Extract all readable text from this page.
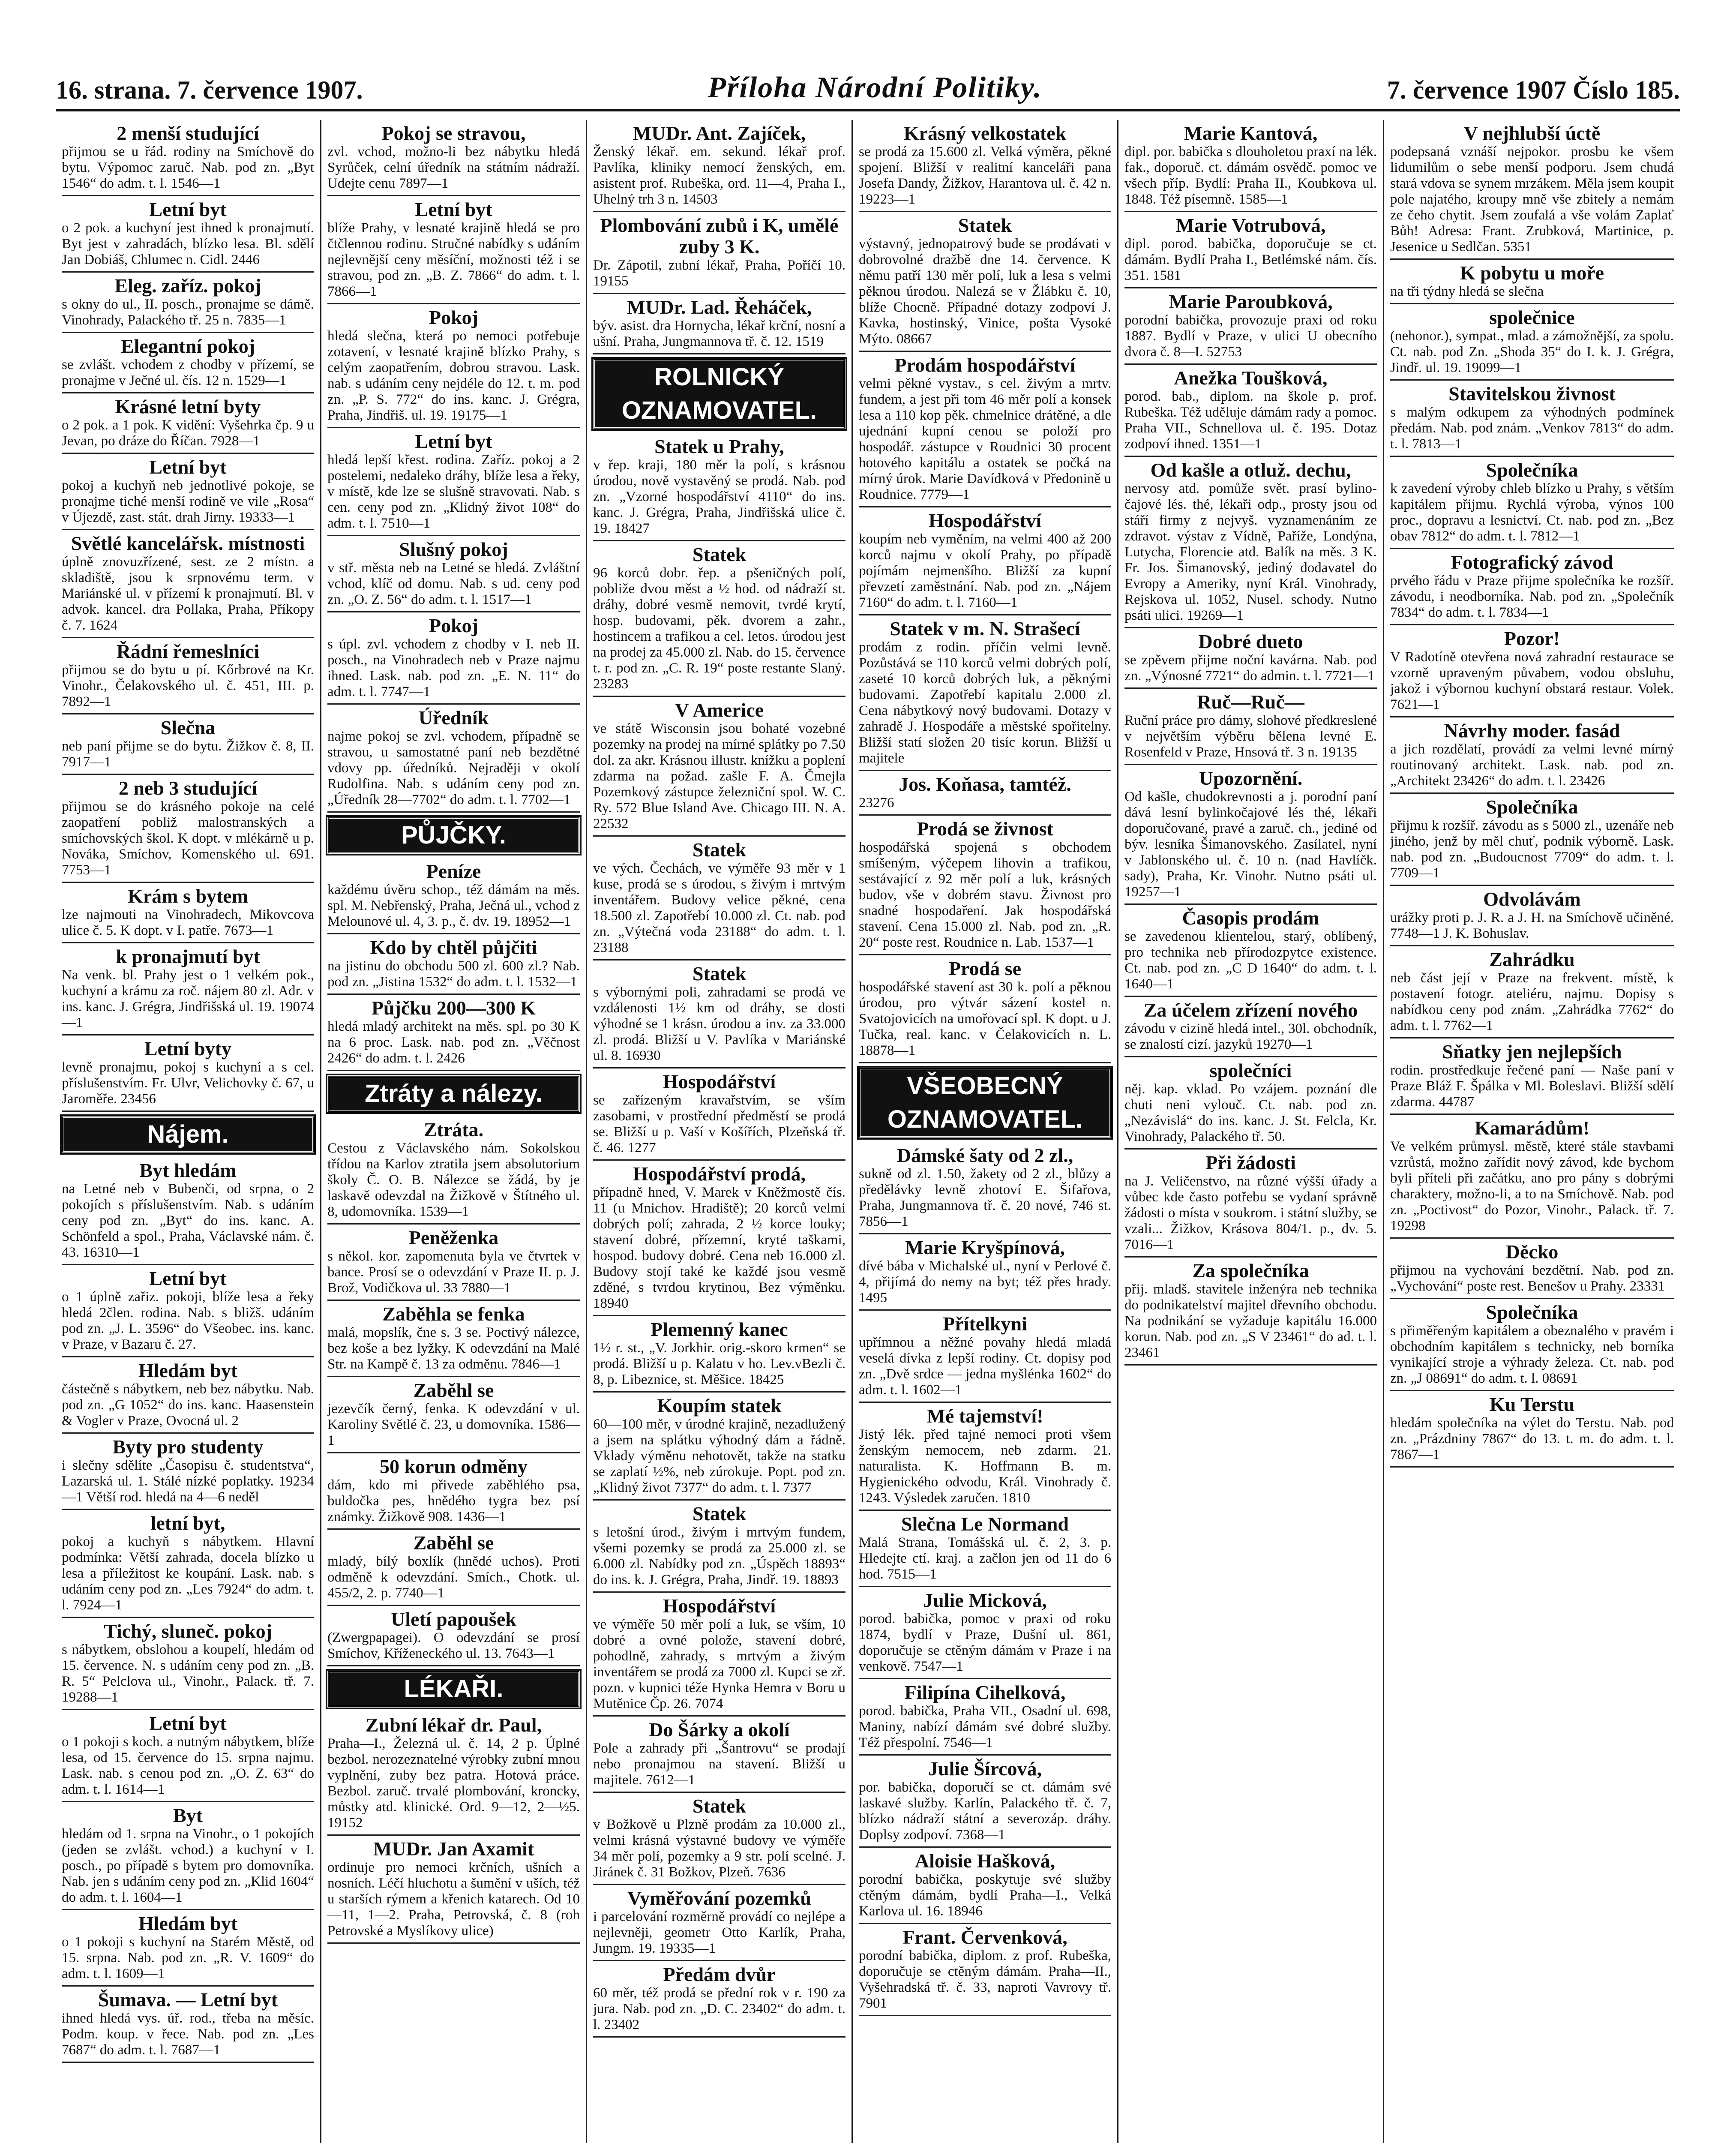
16. strana. 7. července 1907.	Příloha Národní Politiky.	7. července 1907 Číslo 185.
2 menší studující
přijmou se u řád. rodiny na Smíchově do bytu. Výpomoc zaruč. Nab. pod zn. „Byt 1546“ do adm. t. l. 1546—1
Letní byt
o 2 pok. a kuchyní jest ihned k pronajmutí. Byt jest v zahradách, blízko lesa. Bl. sdělí Jan Dobiáš, Chlumec n. Cidl. 2446
Eleg. zaříz. pokoj
s okny do ul., II. posch., pronajme se dámě. Vinohrady, Palackého tř. 25 n. 7835—1
Elegantní pokoj
se zvlášt. vchodem z chodby v přízemí, se pronajme v Ječné ul. čís. 12 n. 1529—1
Krásné letní byty
o 2 pok. a 1 pok. K vidění: Vyšehrka čp. 9 u Jevan, po dráze do Říčan. 7928—1
Letní byt
pokoj a kuchyň neb jednotlivé pokoje, se pronajme tiché menší rodině ve vile „Rosa“ v Újezdě, zast. stát. drah Jirny. 19333—1
Světlé kancelářsk. místnosti
úplně znovuzřízené, sest. ze 2 místn. a skladiště, jsou k srpnovému term. v Mariánské ul. v přízemí k pronajmutí. Bl. v advok. kancel. dra Pollaka, Praha, Příkopy č. 7. 1624
Řádní řemeslníci
přijmou se do bytu u pí. Kőrbrové na Kr. Vinohr., Čelakovského ul. č. 451, III. p. 7892—1
Slečna
neb paní přijme se do bytu. Žižkov č. 8, II. 7917—1
2 neb 3 studující
přijmou se do krásného pokoje na celé zaopatření pobliž malostranských a smíchovských škol. K dopt. v mlékárně u p. Nováka, Smíchov, Komenského ul. 691. 7753—1
Krám s bytem
lze najmouti na Vinohradech, Mikovcova ulice č. 5. K dopt. v I. patře. 7673—1
k pronajmutí byt
Na venk. bl. Prahy jest o 1 velkém pok., kuchyní a krámu za roč. nájem 80 zl. Adr. v ins. kanc. J. Grégra, Jindřišská ul. 19. 19074—1
Letní byty
levně pronajmu, pokoj s kuchyní a s cel. příslušenstvím. Fr. Ulvr, Velichovky č. 67, u Jaroměře. 23456
Nájem.
Byt hledám
na Letné neb v Bubenči, od srpna, o 2 pokojích s příslušenstvím. Nab. s udáním ceny pod zn. „Byt“ do ins. kanc. A. Schönfeld a spol., Praha, Václavské nám. č. 43. 16310—1
Letní byt
o 1 úplně zařiz. pokoji, blíže lesa a řeky hledá 2člen. rodina. Nab. s bližš. udáním pod zn. „J. L. 3596“ do Všeobec. ins. kanc. v Praze, v Bazaru č. 27.
Hledám byt
částečně s nábytkem, neb bez nábytku. Nab. pod zn. „G 1052“ do ins. kanc. Haasenstein & Vogler v Praze, Ovocná ul. 2
Byty pro studenty
i slečny sdělíte „Časopisu č. studentstva“, Lazarská ul. 1. Stálé nízké poplatky. 19234—1 Větší rod. hledá na 4—6 neděl
letní byt,
pokoj a kuchyň s nábytkem. Hlavní podmínka: Větší zahrada, docela blízko u lesa a příležitost ke koupání. Lask. nab. s udáním ceny pod zn. „Les 7924“ do adm. t. l. 7924—1
Tichý, sluneč. pokoj
s nábytkem, obslohou a koupelí, hledám od 15. července. N. s udáním ceny pod zn. „B. R. 5“ Pelclova ul., Vinohr., Palack. tř. 7. 19288—1
Letní byt
o 1 pokoji s koch. a nutným nábytkem, blíže lesa, od 15. července do 15. srpna najmu. Lask. nab. s cenou pod zn. „O. Z. 63“ do adm. t. l. 1614—1
Byt
hledám od 1. srpna na Vinohr., o 1 pokojích (jeden se zvlášt. vchod.) a kuchyní v I. posch., po případě s bytem pro domovníka. Nab. jen s udáním ceny pod zn. „Klid 1604“ do adm. t. l. 1604—1
Hledám byt
o 1 pokoji s kuchyní na Starém Městě, od 15. srpna. Nab. pod zn. „R. V. 1609“ do adm. t. l. 1609—1
Šumava. — Letní byt
ihned hledá vys. úř. rod., třeba na měsíc. Podm. koup. v řece. Nab. pod zn. „Les 7687“ do adm. t. l. 7687—1
Pokoj se stravou,
zvl. vchod, možno-li bez nábytku hledá Syrůček, celní úředník na státním nádraží. Udejte cenu 7897—1
Letní byt
blíže Prahy, v lesnaté krajině hledá se pro čtčlennou rodinu. Stručné nabídky s udáním nejlevnější ceny měsíční, možnosti též i se stravou, pod zn. „B. Z. 7866“ do adm. t. l. 7866—1
Pokoj
hledá slečna, která po nemoci potřebuje zotavení, v lesnaté krajině blízko Prahy, s celým zaopatřením, dobrou stravou. Lask. nab. s udáním ceny nejdéle do 12. t. m. pod zn. „P. S. 772“ do ins. kanc. J. Grégra, Praha, Jindřiš. ul. 19. 19175—1
Letní byt
hledá lepší křest. rodina. Zaříz. pokoj a 2 postelemi, nedaleko dráhy, blíže lesa a řeky, v místě, kde lze se slušně stravovati. Nab. s cen. ceny pod zn. „Klidný život 108“ do adm. t. l. 7510—1
Slušný pokoj
v stř. města neb na Letné se hledá. Zvláštní vchod, klíč od domu. Nab. s ud. ceny pod zn. „O. Z. 56“ do adm. t. l. 1517—1
Pokoj
s úpl. zvl. vchodem z chodby v I. neb II. posch., na Vinohradech neb v Praze najmu ihned. Lask. nab. pod zn. „E. N. 11“ do adm. t. l. 7747—1
Úředník
najme pokoj se zvl. vchodem, případně se stravou, u samostatné paní neb bezdětné vdovy pp. úředníků. Nejraději v okolí Rudolfina. Nab. s udáním ceny pod zn. „Úředník 28—7702“ do adm. t. l. 7702—1
PŮJČKY.
Peníze
každému úvěru schop., též dámám na měs. spl. M. Nebřenský, Praha, Ječná ul., vchod z Melounové ul. 4, 3. p., č. dv. 19. 18952—1
Kdo by chtěl půjčiti
na jistinu do obchodu 500 zl. 600 zl.? Nab. pod zn. „Jistina 1532“ do adm. t. l. 1532—1
Půjčku 200—300 K
hledá mladý architekt na měs. spl. po 30 K na 6 proc. Lask. nab. pod zn. „Věčnost 2426“ do adm. t. l. 2426
Ztráty a nálezy.
Ztráta.
Cestou z Václavského nám. Sokolskou třídou na Karlov ztratila jsem absolutorium školy Č. O. B. Nálezce se žádá, by je laskavě odevzdal na Žižkově v Štítného ul. 8, udomovníka. 1539—1
Peněženka
s někol. kor. zapomenuta byla ve čtvrtek v bance. Prosí se o odevzdání v Praze II. p. J. Brož, Vodičkova ul. 33 7880—1
Zaběhla se fenka
malá, mopslík, čne s. 3 se. Poctivý nálezce, bez koše a bez lyžky. K odevzdání na Malé Str. na Kampě č. 13 za odměnu. 7846—1
Zaběhl se
jezevčík černý, fenka. K odevzdání v ul. Karoliny Světlé č. 23, u domovníka. 1586—1
50 korun odměny
dám, kdo mi přivede zaběhlého psa, buldočka pes, hnědého tygra bez psí známky. Žižkově 908. 1436—1
Zaběhl se
mladý, bílý boxlík (hnědé uchos). Proti odměně k odevzdání. Smích., Chotk. ul. 455/2, 2. p. 7740—1
Uletí papoušek
(Zwergpapagei). O odevzdání se prosí Smíchov, Kříženeckého ul. 13. 7643—1
LÉKAŘI.
Zubní lékař dr. Paul,
Praha—I., Železná ul. č. 14, 2 p. Úplné bezbol. nerozeznatelné výrobky zubní mnou vyplnění, zuby bez patra. Hotová práce. Bezbol. zaruč. trvalé plombování, kroncky, můstky atd. klinické. Ord. 9—12, 2—½5. 19152
MUDr. Jan Axamit
ordinuje pro nemoci krčních, ušních a nosních. Léčí hluchotu a šumění v uších, též u starších rýmem a křenich katarech. Od 10—11, 1—2. Praha, Petrovská, č. 8 (roh Petrovské a Myslíkovy ulice)
MUDr. Ant. Zajíček,
Ženský lékař. em. sekund. lékař prof. Pavlíka, kliniky nemocí ženských, em. asistent prof. Rubeška, ord. 11—4, Praha I., Uhelný trh 3 n. 14503
Plombování zubů i K, umělé zuby 3 K.
Dr. Zápotil, zubní lékař, Praha, Poříčí 10. 19155
MUDr. Lad. Řeháček,
býv. asist. dra Hornycha, lékař krční, nosní a ušní. Praha, Jungmannova tř. č. 12. 1519
ROLNICKÝ OZNAMOVATEL.
Statek u Prahy,
v řep. kraji, 180 měr la polí, s krásnou úrodou, nově vystavěný se prodá. Nab. pod zn. „Vzorné hospodářství 4110“ do ins. kanc. J. Grégra, Praha, Jindřišská ulice č. 19. 18427
Statek
96 korců dobr. řep. a pšeničných polí, pobliže dvou měst a ½ hod. od nádraží st. dráhy, dobré vesmě nemovit, tvrdé krytí, hosp. budovami, pěk. dvorem a zahr., hostincem a trafikou a cel. letos. úrodou jest na prodej za 45.000 zl. Nab. do 15. července t. r. pod zn. „C. R. 19“ poste restante Slaný. 23283
V Americe
ve státě Wisconsin jsou bohaté vozebné pozemky na prodej na mírné splátky po 7.50 dol. za akr. Krásnou illustr. knížku a poplení zdarma na požad. zašle F. A. Čmejla Pozemkový zástupce železniční spol. W. C. Ry. 572 Blue Island Ave. Chicago III. N. A. 22532
Statek
ve vých. Čechách, ve výměře 93 měr v 1 kuse, prodá se s úrodou, s živým i mrtvým inventářem. Budovy velice pěkné, cena 18.500 zl. Zapotřebí 10.000 zl. Ct. nab. pod zn. „Výtečná voda 23188“ do adm. t. l. 23188
Statek
s výbornými poli, zahradami se prodá ve vzdálenosti 1½ km od dráhy, se dosti výhodné se 1 krásn. úrodou a inv. za 33.000 zl. prodá. Bližší u V. Pavlíka v Mariánské ul. 8. 16930
Hospodářství
se zařízeným kravařstvím, se vším zasobami, v prostřední předměstí se prodá se. Bližší u p. Vaší v Košířích, Plzeňská tř. č. 46. 1277
Hospodářství prodá,
případně hned, V. Marek v Kněžmostě čís. 11 (u Mnichov. Hradiště); 20 korců velmi dobrých polí; zahrada, 2 ½ korce louky; stavení dobré, přízemní, kryté taškami, hospod. budovy dobré. Cena neb 16.000 zl. Budovy stojí také ke každé jsou vesmě zděné, s tvrdou krytinou, Bez výměnku. 18940
Plemenný kanec
1½ r. st., „V. Jorkhir. orig.-skoro krmen“ se prodá. Bližší u p. Kalatu v ho. Lev.vBezli č. 8, p. Libeznice, st. Měšice. 18425
Koupím statek
60—100 měr, v úrodné krajině, nezadlužený a jsem na splátku výhodný dám a řádně. Vklady výměnu nehotovět, takže na statku se zaplatí ½%, neb zúrokuje. Popt. pod zn. „Klidný život 7377“ do adm. t. l. 7377
Statek
s letošní úrod., živým i mrtvým fundem, všemi pozemky se prodá za 25.000 zl. se 6.000 zl. Nabídky pod zn. „Úspěch 18893“ do ins. k. J. Grégra, Praha, Jindř. 19. 18893
Hospodářství
ve výměře 50 měr polí a luk, se vším, 10 dobré a ovné polože, stavení dobré, pohodlně, zahrady, s mrtvým a živým inventářem se prodá za 7000 zl. Kupci se zř. pozn. v kupnici téže Hynka Hemra v Boru u Mutěnice Čp. 26. 7074
Do Šárky a okolí
Pole a zahrady při „Šantrovu“ se prodají nebo pronajmou na stavení. Bližší u majitele. 7612—1
Statek
v Božkově u Plzně prodám za 10.000 zl., velmi krásná výstavné budovy ve výměře 34 měr polí, pozemky a 9 str. polí scelné. J. Jiránek č. 31 Božkov, Plzeň. 7636
Vyměřování pozemků
i parcelování rozměrně provádí co nejlépe a nejlevněji, geometr Otto Karlík, Praha, Jungm. 19. 19335—1
Předám dvůr
60 měr, též prodá se přední rok v r. 190 za jura. Nab. pod zn. „D. C. 23402“ do adm. t. l. 23402
Krásný velkostatek
se prodá za 15.600 zl. Velká výměra, pěkné spojení. Bližší v realitní kanceláři pana Josefa Dandy, Žižkov, Harantova ul. č. 42 n. 19223—1
Statek
výstavný, jednopatrový bude se prodávati v dobrovolné dražbě dne 14. července. K němu patří 130 měr polí, luk a lesa s velmi pěknou úrodou. Nalezá se v Žlábku č. 10, blíže Chocně. Případné dotazy zodpoví J. Kavka, hostinský, Vinice, pošta Vysoké Mýto. 08667
Prodám hospodářství
velmi pěkné vystav., s cel. živým a mrtv. fundem, a jest při tom 46 měr polí a konsek lesa a 110 kop pěk. chmelnice drátěné, a dle ujednání kupní cenou se položí pro hospodář. zástupce v Roudnici 30 procent hotového kapitálu a ostatek se počká na mírný úrok. Marie Davídková v Předonině u Roudnice. 7779—1
Hospodářství
koupím neb vyměním, na velmi 400 až 200 korců najmu v okolí Prahy, po případě pojímám nejmenšího. Bližší za kupní převzetí zaměstnání. Nab. pod zn. „Nájem 7160“ do adm. t. l. 7160—1
Statek v m. N. Strašecí
prodám z rodin. příčin velmi levně. Pozůstává se 110 korců velmi dobrých polí, zaseté 10 korců dobrých luk, a pěknými budovami. Zapotřebí kapitalu 2.000 zl. Cena nábytkový nový budovami. Dotazy v zahradě J. Hospodáře a městské spořitelny. Bližší statí složen 20 tisíc korun. Bližší u majitele
Jos. Koňasa, tamtéž.
23276
Prodá se živnost
hospodářská spojená s obchodem smíšeným, výčepem lihovin a trafikou, sestávající z 92 měr polí a luk, krásných budov, vše v dobrém stavu. Živnost pro snadné hospodaření. Jak hospodářská stavení. Cena 15.000 zl. Nab. pod zn. „R. 20“ poste rest. Roudnice n. Lab. 1537—1
Prodá se
hospodářské stavení ast 30 k. polí a pěknou úrodou, pro výtvár sázení kostel n. Svatojovicích na umořovací spl. K dopt. u J. Tučka, real. kanc. v Čelakovicích n. L. 18878—1
VŠEOBECNÝ OZNAMOVATEL.
Dámské šaty od 2 zl.,
sukně od zl. 1.50, žakety od 2 zl., blůzy a předělávky levně zhotoví E. Šifařova, Praha, Jungmannova tř. č. 20 nové, 746 st. 7856—1
Marie Kryšpínová,
dívé bába v Michalské ul., nyní v Perlové č. 4, přijímá do nemy na byt; též přes hrady. 1495
Přítelkyni
upřímnou a něžné povahy hledá mladá veselá dívka z lepší rodiny. Ct. dopisy pod zn. „Dvě srdce — jedna myšlénka 1602“ do adm. t. l. 1602—1
Mé tajemství!
Jistý lék. před tajné nemoci proti všem ženským nemocem, neb zdarm. 21. naturalista. K. Hoffmann B. m. Hygienického odvodu, Král. Vinohrady č. 1243. Výsledek zaručen. 1810
Slečna Le Normand
Malá Strana, Tomášská ul. č. 2, 3. p. Hledejte ctí. kraj. a začlon jen od 11 do 6 hod. 7515—1
Julie Micková,
porod. babička, pomoc v praxi od roku 1874, bydlí v Praze, Dušní ul. 861, doporučuje se ctěným dámám v Praze i na venkově. 7547—1
Filipína Cihelková,
porod. babička, Praha VII., Osadní ul. 698, Maniny, nabízí dámám své dobré služby. Též přespolní. 7546—1
Julie Šírcová,
por. babička, doporučí se ct. dámám své laskavé služby. Karlín, Palackého tř. č. 7, blízko nádraží státní a severozáp. dráhy. Doplsy zodpoví. 7368—1
Aloisie Hašková,
porodní babička, poskytuje své služby ctěným dámám, bydlí Praha—I., Velká Karlova ul. 16. 18946
Frant. Červenková,
porodní babička, diplom. z prof. Rubeška, doporučuje se ctěným dámám. Praha—II., Vyšehradská tř. č. 33, naproti Vavrovy tř. 7901
Marie Kantová,
dipl. por. babička s dlouholetou praxí na lék. fak., doporuč. ct. dámám osvědč. pomoc ve všech příp. Bydlí: Praha II., Koubkova ul. 1848. Též písemně. 1585—1
Marie Votrubová,
dipl. porod. babička, doporučuje se ct. dámám. Bydlí Praha I., Betlémské nám. čís. 351. 1581
Marie Paroubková,
porodní babička, provozuje praxi od roku 1887. Bydlí v Praze, v ulici U obecního dvora č. 8—I. 52753
Anežka Toušková,
porod. bab., diplom. na škole p. prof. Rubeška. Též uděluje dámám rady a pomoc. Praha VII., Schnellova ul. č. 195. Dotaz zodpoví ihned. 1351—1
Od kašle a otluž. dechu,
nervosy atd. pomůže svět. prasí bylino-čajové lés. thé, lékaři odp., prosty jsou od stáří firmy z nejvyš. vyznamenáním ze zdravot. výstav z Vídně, Paříže, Londýna, Lutycha, Florencie atd. Balík na měs. 3 K. Fr. Jos. Šimanovský, jediný dodavatel do Evropy a Ameriky, nyní Král. Vinohrady, Rejskova ul. 1052, Nusel. schody. Nutno psáti ulici. 19269—1
Dobré dueto
se zpěvem přijme noční kavárna. Nab. pod zn. „Výnosné 7721“ do admin. t. l. 7721—1
Ruč—Ruč—
Ruční práce pro dámy, slohové předkreslené v největším výběru bělena levné E. Rosenfeld v Praze, Hnsová tř. 3 n. 19135
Upozornění.
Od kašle, chudokrevnosti a j. porodní paní dává lesní bylinkočajové lés thé, lékaři doporučované, pravé a zaruč. ch., jediné od býv. lesníka Šimanovského. Zasílatel, nyní v Jablonského ul. č. 10 n. (nad Havlíčk. sady), Praha, Kr. Vinohr. Nutno psáti ul. 19257—1
Časopis prodám
se zavedenou klientelou, starý, oblíbený, pro technika neb přírodozpytce existence. Ct. nab. pod zn. „C D 1640“ do adm. t. l. 1640—1
Za účelem zřízení nového
závodu v cizině hledá intel., 30l. obchodník, se znalostí cizí. jazyků 19270—1
společníci
něj. kap. vklad. Po vzájem. poznání dle chuti neni vylouč. Ct. nab. pod zn. „Nezávislá“ do ins. kanc. J. St. Felcla, Kr. Vinohrady, Palackého tř. 50.
Při žádosti
na J. Veličenstvo, na různé výšší úřady a vůbec kde často potřebu se vydaní správně žádosti o místa v soukrom. i státní služby, se vzali... Žižkov, Krásova 804/1. p., dv. 5. 7016—1
Za společníka
přij. mladš. stavitele inženýra neb technika do podnikatelství majitel dřevního obchodu. Na podnikání se vyžaduje kapitálu 16.000 korun. Nab. pod zn. „S V 23461“ do ad. t. l. 23461
V nejhlubší úctě
podepsaná vznáší nejpokor. prosbu ke všem lidumilům o sebe menší podporu. Jsem chudá stará vdova se synem mrzákem. Měla jsem koupit pole najatého, kroupy mně vše zbitely a nemám ze čeho chytit. Jsem zoufalá a vše volám Zaplať Bůh! Adresa: Frant. Zrubková, Martinice, p. Jesenice u Sedlčan. 5351
K pobytu u moře
na tři týdny hledá se slečna
společnice
(nehonor.), sympat., mlad. a zámožnější, za spolu. Ct. nab. pod Zn. „Shoda 35“ do I. k. J. Grégra, Jindř. ul. 19. 19099—1
Stavitelskou živnost
s malým odkupem za výhodných podmínek předám. Nab. pod znám. „Venkov 7813“ do adm. t. l. 7813—1
Společníka
k zavedení výroby chleb blízko u Prahy, s větším kapitálem přijmu. Rychlá výroba, výnos 100 proc., dopravu a lesnictví. Ct. nab. pod zn. „Bez obav 7812“ do adm. t. l. 7812—1
Fotografický závod
prvého řádu v Praze přijme společníka ke rozšíř. závodu, i neodborníka. Nab. pod zn. „Společník 7834“ do adm. t. l. 7834—1
Pozor!
V Radotíně otevřena nová zahradní restaurace se vzorně upraveným půvabem, vodou obsluhu, jakož i výbornou kuchyní obstará restaur. Volek. 7621—1
Návrhy moder. fasád
a jich rozdělatí, provádí za velmi levné mírný routinovaný architekt. Lask. nab. pod zn. „Architekt 23426“ do adm. t. l. 23426
Společníka
přijmu k rozšíř. závodu as s 5000 zl., uzenáře neb jiného, jenž by měl chuť, podnik výborně. Lask. nab. pod zn. „Budoucnost 7709“ do adm. t. l. 7709—1
Odvolávám
urážky proti p. J. R. a J. H. na Smíchově učiněné. 7748—1 J. K. Bohuslav.
Zahrádku
neb část její v Praze na frekvent. místě, k postavení fotogr. ateliéru, najmu. Dopisy s nabídkou ceny pod znám. „Zahrádka 7762“ do adm. t. l. 7762—1
Sňatky jen nejlepších
rodin. prostředkuje řečené paní — Naše paní v Praze Bláž F. Špálka v Ml. Boleslavi. Bližší sdělí zdarma. 44787
Kamarádům!
Ve velkém průmysl. městě, které stále stavbami vzrůstá, možno zařídit nový závod, kde bychom byli příteli při začátku, ano pro pány s dobrými charaktery, možno-li, a to na Smíchově. Nab. pod zn. „Poctivost“ do Pozor, Vinohr., Palack. tř. 7. 19298
Děcko
přijmou na vychování bezdětní. Nab. pod zn. „Vychování“ poste rest. Benešov u Prahy. 23331
Společníka
s přiměřeným kapitálem a obeznalého v pravém i obchodním kapitálem s technicky, neb borníka vynikající stroje a výhrady železa. Ct. nab. pod zn. „J 08691“ do adm. t. l. 08691
Ku Terstu
hledám společníka na výlet do Terstu. Nab. pod zn. „Prázdniny 7867“ do 13. t. m. do adm. t. l. 7867—1
